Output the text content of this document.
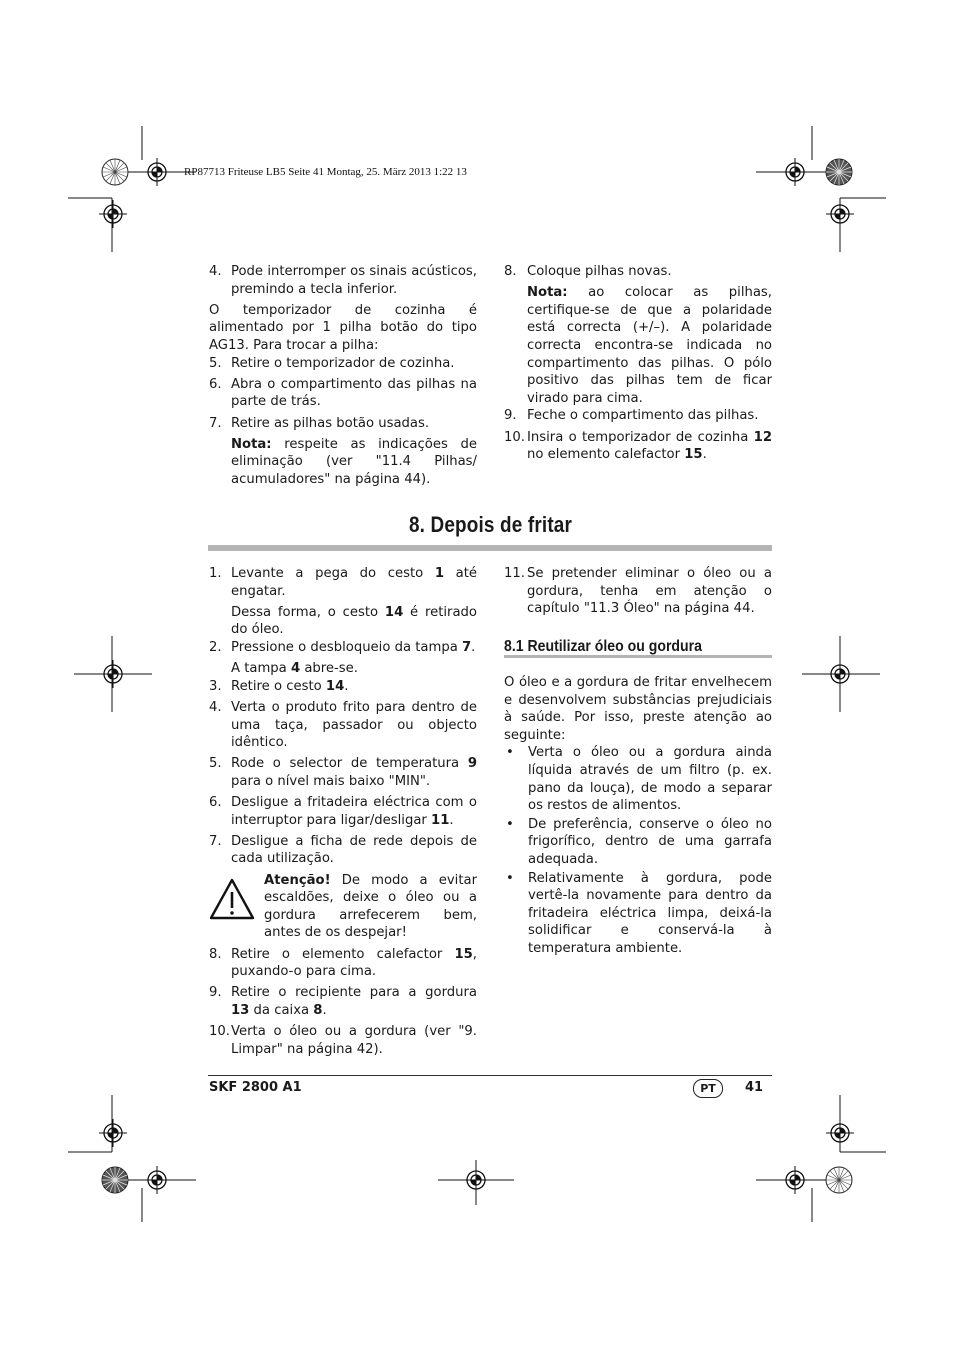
RP87713 Friteuse LB5 Seite 41 Montag, 25. März 2013 1:22 13
4. Pode interromper os sinais acústicos, premindo a tecla inferior.

O temporizador de cozinha é alimentado por 1 pilha botão do tipo AG13. Para trocar a pilha:

5. Retire o temporizador de cozinha.
6. Abra o compartimento das pilhas na parte de trás.
7. Retire as pilhas botão usadas.

Nota: respeite as indicações de eliminação (ver "11.4 Pilhas/ acumuladores" na página 44).

8. Coloque pilhas novas.

Nota: ao colocar as pilhas, certifique-se de que a polaridade está correcta (+/–). A polaridade correcta encontra-se indicada no compartimento das pilhas. O pólo positivo das pilhas tem de ficar virado para cima.

9. Feche o compartimento das pilhas.
10. Insira o temporizador de cozinha 12 no elemento calefactor 15.
8. Depois de fritar
1. Levante a pega do cesto 1 até engatar.

Dessa forma, o cesto 14 é retirado do óleo.

2. Pressione o desbloqueio da tampa 7.

A tampa 4 abre-se.

3. Retire o cesto 14.
4. Verta o produto frito para dentro de uma taça, passador ou objecto idêntico.
5. Rode o selector de temperatura 9 para o nível mais baixo "MIN".
6. Desligue a fritadeira eléctrica com o interruptor para ligar/desligar 11.
7. Desligue a ficha de rede depois de cada utilização.

Atenção! De modo a evitar escaldões, deixe o óleo ou a gordura arrefecerem bem, antes de os despejar!

8. Retire o elemento calefactor 15, puxando-o para cima.
9. Retire o recipiente para a gordura 13 da caixa 8.
10. Verta o óleo ou a gordura (ver "9. Limpar" na página 42).
11. Se pretender eliminar o óleo ou a gordura, tenha em atenção o capítulo "11.3 Óleo" na página 44.
8.1 Reutilizar óleo ou gordura

O óleo e a gordura de fritar envelhecem e desenvolvem substâncias prejudiciais à saúde. Por isso, preste atenção ao seguinte:

•	Verta o óleo ou a gordura ainda líquida através de um filtro (p. ex. pano da louça), de modo a separar os restos de alimentos.
•	De preferência, conserve o óleo no frigorífico, dentro de uma garrafa adequada.
•	Relativamente à gordura, pode vertê-la novamente para dentro da fritadeira eléctrica limpa, deixá-la solidificar e conservá-la à temperatura ambiente.
SKF 2800 A1	PT	41
